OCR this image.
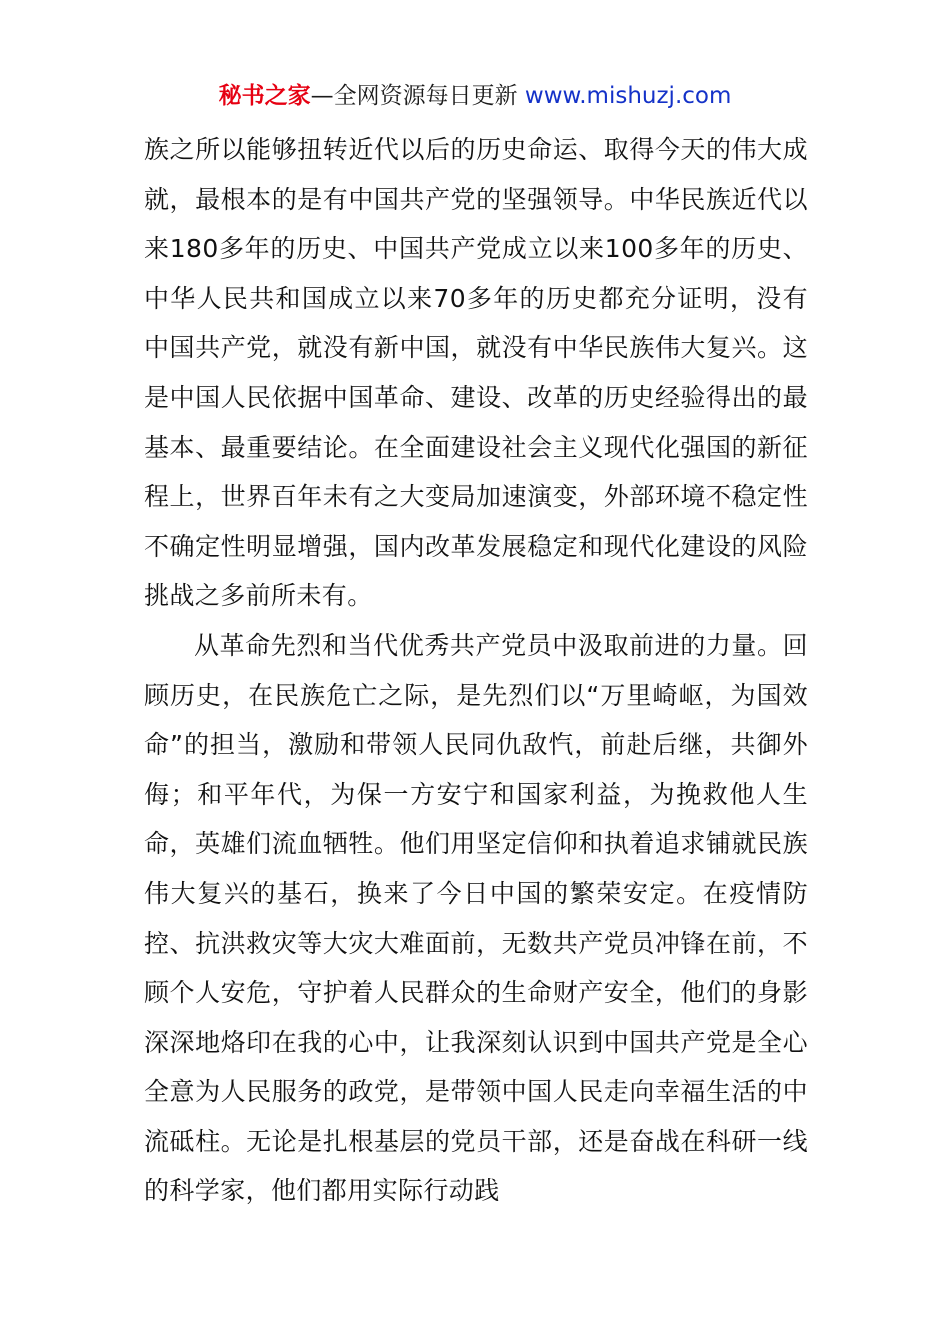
秘书之家—全网资源每日更新 www.mishuzj.com

族之所以能够扭转近代以后的历史命运、取得今天的伟大成就，最根本的是有中国共产党的坚强领导。中华民族近代以来180多年的历史、中国共产党成立以来100多年的历史、中华人民共和国成立以来70多年的历史都充分证明，没有中国共产党，就没有新中国，就没有中华民族伟大复兴。这是中国人民依据中国革命、建设、改革的历史经验得出的最基本、最重要结论。在全面建设社会主义现代化强国的新征程上，世界百年未有之大变局加速演变，外部环境不稳定性不确定性明显增强，国内改革发展稳定和现代化建设的风险挑战之多前所未有。

从革命先烈和当代优秀共产党员中汲取前进的力量。回顾历史，在民族危亡之际，是先烈们以“万里崎岖，为国效命”的担当，激励和带领人民同仇敌忾，前赴后继，共御外侮；和平年代，为保一方安宁和国家利益，为挽救他人生命，英雄们流血牺牲。他们用坚定信仰和执着追求铺就民族伟大复兴的基石，换来了今日中国的繁荣安定。在疫情防控、抗洪救灾等大灾大难面前，无数共产党员冲锋在前，不顾个人安危，守护着人民群众的生命财产安全，他们的身影深深地烙印在我的心中，让我深刻认识到中国共产党是全心全意为人民服务的政党，是带领中国人民走向幸福生活的中流砥柱。无论是扎根基层的党员干部，还是奋战在科研一线的科学家，他们都用实际行动践
